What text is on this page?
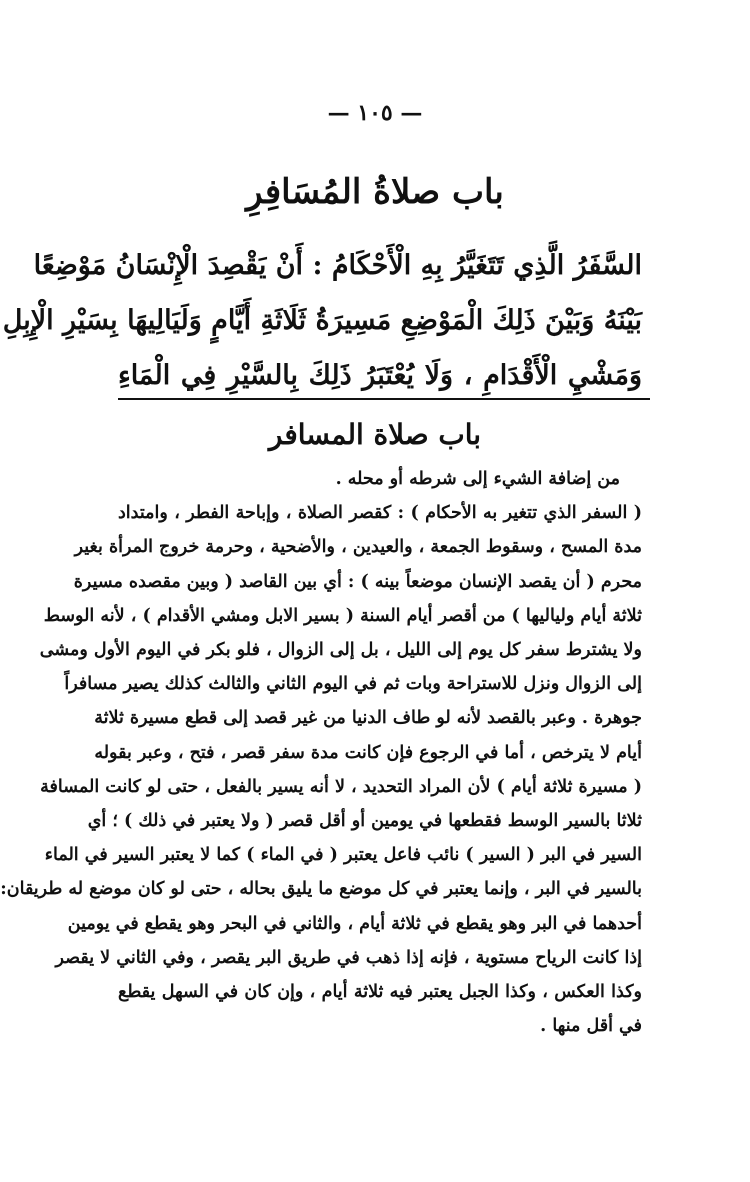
— ١٠٥ —
باب صلاةُ المُسَافِرِ
السَّفَرُ الَّذِي تَتَغَيَّرُ بِهِ الْأَحْكَامُ : أَنْ يَقْصِدَ الْإِنْسَانُ مَوْضِعًا
بَيْنَهُ وَبَيْنَ ذَلِكَ الْمَوْضِعِ مَسِيرَةُ ثَلَاثَةِ أَيَّامٍ وَلَيَالِيهَا بِسَيْرِ الْإِبِلِ
وَمَشْيِ الْأَقْدَامِ ، وَلَا يُعْتَبَرُ ذَلِكَ بِالسَّيْرِ فِي الْمَاءِ
باب صلاة المسافر
من إضافة الشيء إلى شرطه أو محله .
( السفر الذي تتغير به الأحكام ) : كقصر الصلاة ، وإباحة الفطر ، وامتداد
مدة المسح ، وسقوط الجمعة ، والعيدين ، والأضحية ، وحرمة خروج المرأة بغير
محرم ( أن يقصد الإنسان موضعاً بينه ) : أي بين القاصد ( وبين مقصده مسيرة
ثلاثة أيام ولياليها ) من أقصر أيام السنة ( بسير الابل ومشي الأقدام ) ، لأنه الوسط
ولا يشترط سفر كل يوم إلى الليل ، بل إلى الزوال ، فلو بكر في اليوم الأول ومشى
إلى الزوال ونزل للاستراحة وبات ثم في اليوم الثاني والثالث كذلك يصير مسافراً
جوهرة . وعبر بالقصد لأنه لو طاف الدنيا من غير قصد إلى قطع مسيرة ثلاثة
أيام لا يترخص ، أما في الرجوع فإن كانت مدة سفر قصر ، فتح ، وعبر بقوله
( مسيرة ثلاثة أيام ) لأن المراد التحديد ، لا أنه يسير بالفعل ، حتى لو كانت المسافة
ثلاثا بالسير الوسط فقطعها في يومين أو أقل قصر ( ولا يعتبر في ذلك ) ؛ أي
السير في البر ( السير ) نائب فاعل يعتبر ( في الماء ) كما لا يعتبر السير في الماء
بالسير في البر ، وإنما يعتبر في كل موضع ما يليق بحاله ، حتى لو كان موضع له طريقان:
أحدهما في البر وهو يقطع في ثلاثة أيام ، والثاني في البحر وهو يقطع في يومين
إذا كانت الرياح مستوية ، فإنه إذا ذهب في طريق البر يقصر ، وفي الثاني لا يقصر
وكذا العكس ، وكذا الجبل يعتبر فيه ثلاثة أيام ، وإن كان في السهل يقطع
في أقل منها .
